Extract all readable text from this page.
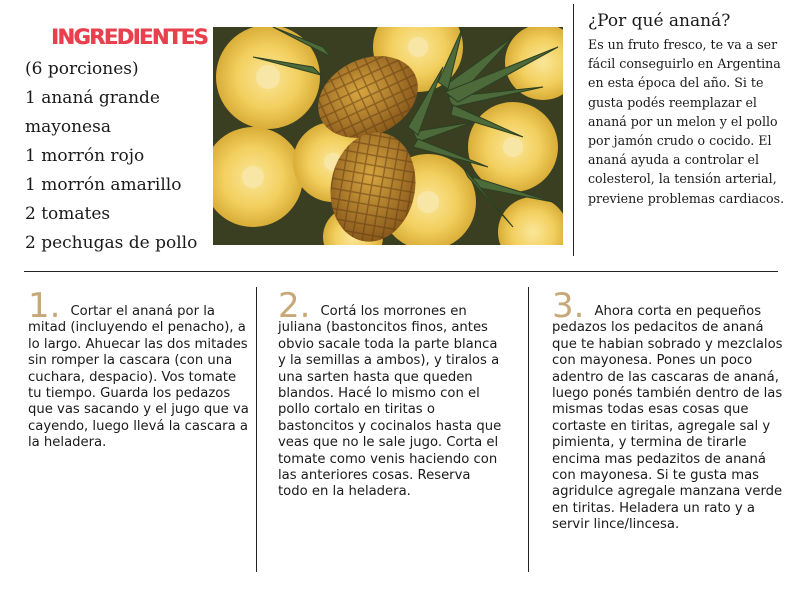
INGREDIENTES
(6 porciones)
1 ananá grande
mayonesa
1 morrón rojo
1 morrón amarillo
2 tomates
2 pechugas de pollo
¿Por qué ananá?
Es un fruto fresco, te va a ser fácil conseguirlo en Argentina en esta época del año. Si te gusta podés reemplazar el ananá por un melon y el pollo por jamón crudo o cocido. El ananá ayuda a controlar el colesterol, la tensión arterial, previene problemas cardiacos.
1. Cortar el ananá por la mitad (incluyendo el penacho), a lo largo. Ahuecar las dos mitades sin romper la cascara (con una cuchara, despacio). Vos tomate tu tiempo. Guarda los pedazos que vas sacando y el jugo que va cayendo, luego llevá la cascara a la heladera.
2. Cortá los morrones en juliana (bastoncitos finos, antes obvio sacale toda la parte blanca y la semillas a ambos), y tiralos a una sarten hasta que queden blandos. Hacé lo mismo con el pollo cortalo en tiritas o bastoncitos y cocinalos hasta que veas que no le sale jugo. Corta el tomate como venis haciendo con las anteriores cosas. Reserva todo en la heladera.
3. Ahora corta en pequeños pedazos los pedacitos de ananá que te habian sobrado y mezclalos con mayonesa. Pones un poco adentro de las cascaras de ananá, luego ponés también dentro de las mismas todas esas cosas que cortaste en tiritas, agregale sal y pimienta, y termina de tirarle encima mas pedazitos de ananá con mayonesa. Si te gusta mas agridulce agregale manzana verde en tiritas. Heladera un rato y a servir lince/lincesa.
